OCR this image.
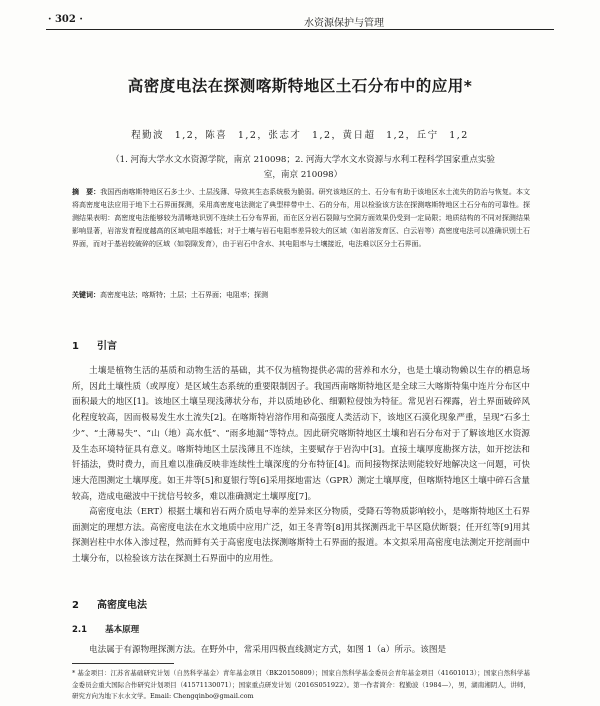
· 302 ·	水资源保护与管理
高密度电法在探测喀斯特地区土石分布中的应用*
程勤波 1,2，陈喜 1,2，张志才 1,2，黄日超 1,2，丘宁 1,2
（1. 河海大学水文水资源学院，南京 210098；2. 河海大学水文水资源与水利工程科学国家重点实验室，南京 210098）
摘　要：我国西南喀斯特地区石多土少、土层浅薄、导致其生态系统极为脆弱。研究该地区的土、石分布有助于该地区水土流失的防治与恢复。本文将高密度电法应用于地下土石界面探测，采用高密度电法测定了典型样带中土、石的分布，用以检验该方法在探测喀斯特地区土石分布的可靠性。探测结果表明：高密度电法能够较为清晰地识别不连续土石分布界面，而在区分岩石裂隙与空洞方面效果仍受到一定局限；地质结构的不同对探测结果影响显著，岩溶发育程度越高的区域电阻率越低；对于土壤与岩石电阻率差异较大的区域（如岩溶发育区、白云岩等）高密度电法可以准确识别土石界面，而对于基岩较破碎的区域（如裂隙发育），由于岩石中含水、其电阻率与土壤接近，电法难以区分土石界面。
关键词：高密度电法；喀斯特；土层；土石界面；电阻率；探测
1 引言

土壤是植物生活的基质和动物生活的基础，其不仅为植物提供必需的营养和水分，也是土壤动物赖以生存的栖息场所，因此土壤性质（或厚度）是区域生态系统的重要限制因子。我国西南喀斯特地区是全球三大喀斯特集中连片分布区中面积最大的地区[1]。该地区土壤呈现浅薄状分布，并以质地砂化、细颗粒侵蚀为特征。常见岩石裸露，岩土界面破碎风化程度较高，因而极易发生水土流失[2]。在喀斯特岩溶作用和高强度人类活动下，该地区石漠化现象严重，呈现“石多土少”、“土薄易失”、“山（地）高水低”、“雨多地漏”等特点。因此研究喀斯特地区土壤和岩石分布对于了解该地区水资源及生态环境特征具有意义。喀斯特地区土层浅薄且不连续，主要赋存于岩沟中[3]。直接土壤厚度勘探方法，如开挖法和钎插法，费时费力，而且难以准确反映非连续性土壤深度的分布特征[4]。而间接物探法则能较好地解决这一问题，可快速大范围测定土壤厚度。如王井等[5]和夏银行等[6]采用探地雷达（GPR）测定土壤厚度，但喀斯特地区土壤中碎石含量较高，造成电磁波中干扰信号较多，难以准确测定土壤厚度[7]。

高密度电法（ERT）根据土壤和岩石两介质电导率的差异来区分物质，受降石等物质影响较小，是喀斯特地区土石界面测定的理想方法。高密度电法在水文地质中应用广泛，如王冬青等[8]用其探测西北干旱区隐伏断裂；任开红等[9]用其探测岩柱中水体入渗过程，然而鲜有关于高密度电法探测喀斯特土石界面的报道。本文拟采用高密度电法测定开挖剖面中土壤分布，以检验该方法在探测土石界面中的应用性。

2 高密度电法
2.1 基本原理

电法属于有源物理探测方法。在野外中，常采用四极直线测定方式，如图 1（a）所示。该图是

* 基金项目：江苏省基础研究计划（自然科学基金）青年基金项目（BK20150809）；国家自然科学基金委员会青年基金项目（41601013）；国家自然科学基金委员会重大国际合作研究计划项目（41571130071）；国家重点研发计划（2016S051922）。第一作者简介：程勤波（1984—），男，湖南湘阴人，讲师，研究方向为地下水水文学。Email: Chengqinbo@gmail.com
